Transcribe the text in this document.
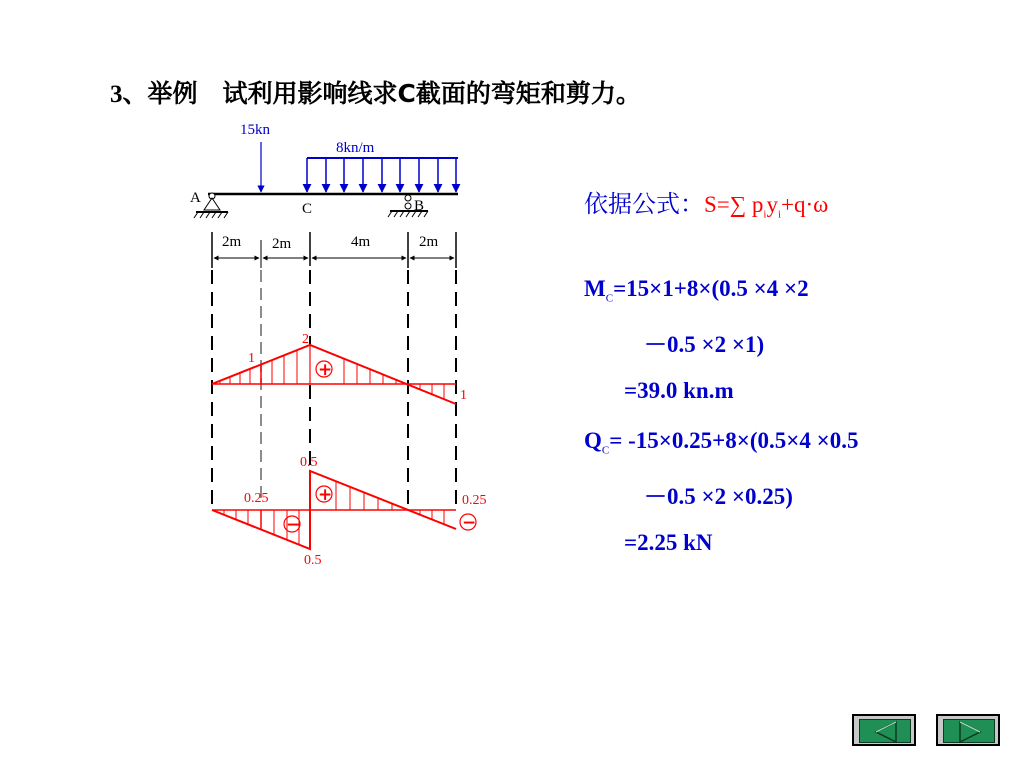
3、举例　试利用影响线求C截面的弯矩和剪力。
A	B
C
15kn
8kn/m
2m 2m	4m	2m
+
2
1
1
+
−	−
0.5
0.25
0.5
0.25
依据公式：S=∑ $p_iy_i+q\cdot\omega$
$M_C=15\times 1+8\times(0.5 \times 4 \times 2$
－0.5 ×2 ×1)
=39.0 kn.m
$Q_C= -15\times 0.25+8\times(0.5\times 4 \times 0.5$
－0.5 ×2 ×0.25)
=2.25 kN
